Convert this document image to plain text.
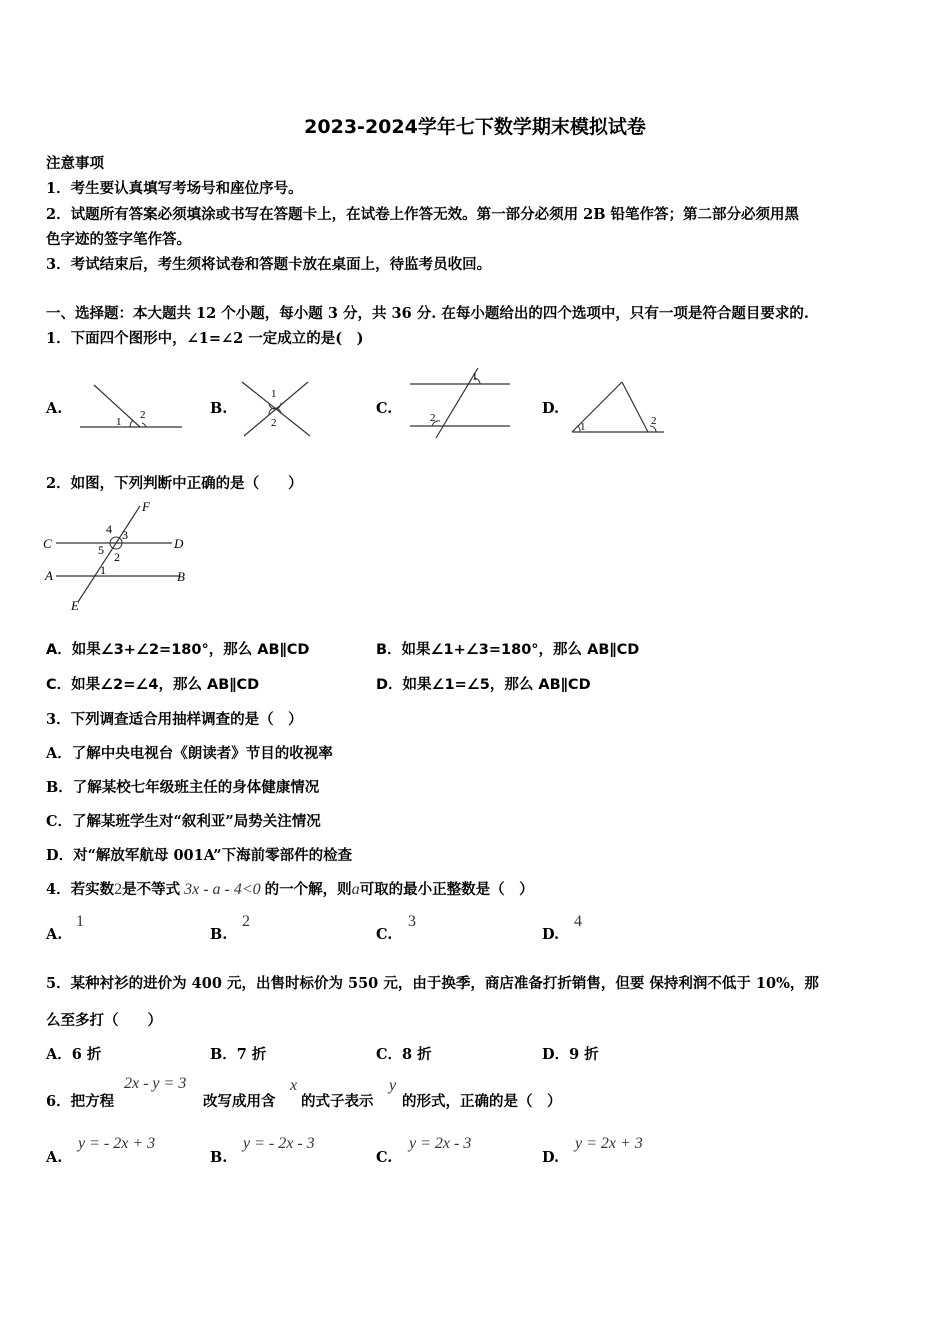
2023-2024学年七下数学期末模拟试卷
注意事项
1．考生要认真填写考场号和座位序号。
2．试题所有答案必须填涂或书写在答题卡上，在试卷上作答无效。第一部分必须用 2B 铅笔作答；第二部分必须用黑
色字迹的签字笔作答。
3．考试结束后，考生须将试卷和答题卡放在桌面上，待监考员收回。
一、选择题：本大题共 12 个小题，每小题 3 分，共 36 分. 在每小题给出的四个选项中，只有一项是符合题目要求的.
1．下面四个图形中，∠1=∠2 一定成立的是(　)
A.
1
2	B.
1
2
C.
1
2
D.
1	2
2．如图，下列判断中正确的是（　　）
F
C	D
A	B
E
4 3
5 2
1
A．如果∠3+∠2=180°，那么 AB∥CD	B．如果∠1+∠3=180°，那么 AB∥CD
C．如果∠2=∠4，那么 AB∥CD	D．如果∠1=∠5，那么 AB∥CD
3．下列调查适合用抽样调查的是（　）
A．了解中央电视台《朗读者》节目的收视率
B．了解某校七年级班主任的身体健康情况
C．了解某班学生对“叙利亚”局势关注情况
D．对“解放军航母 001A”下海前零部件的检查
4．若实数2是不等式 3x - a - 4<0 的一个解，则a可取的最小正整数是（　）
A.
1
B.
2
C.
3
D.
4
5．某种衬衫的进价为 400 元，出售时标价为 550 元，由于换季，商店准备打折销售，但要 保持利润不低于 10%，那
么至多打（　　）
A．6 折	B．7 折	C．8 折	D．9 折
6．把方程
2x - y = 3
改写成用含
x
的式子表示
y
的形式，正确的是（　）
A.
y = - 2x + 3
B.
y = - 2x - 3
C.
y = 2x - 3
D.
y = 2x + 3
